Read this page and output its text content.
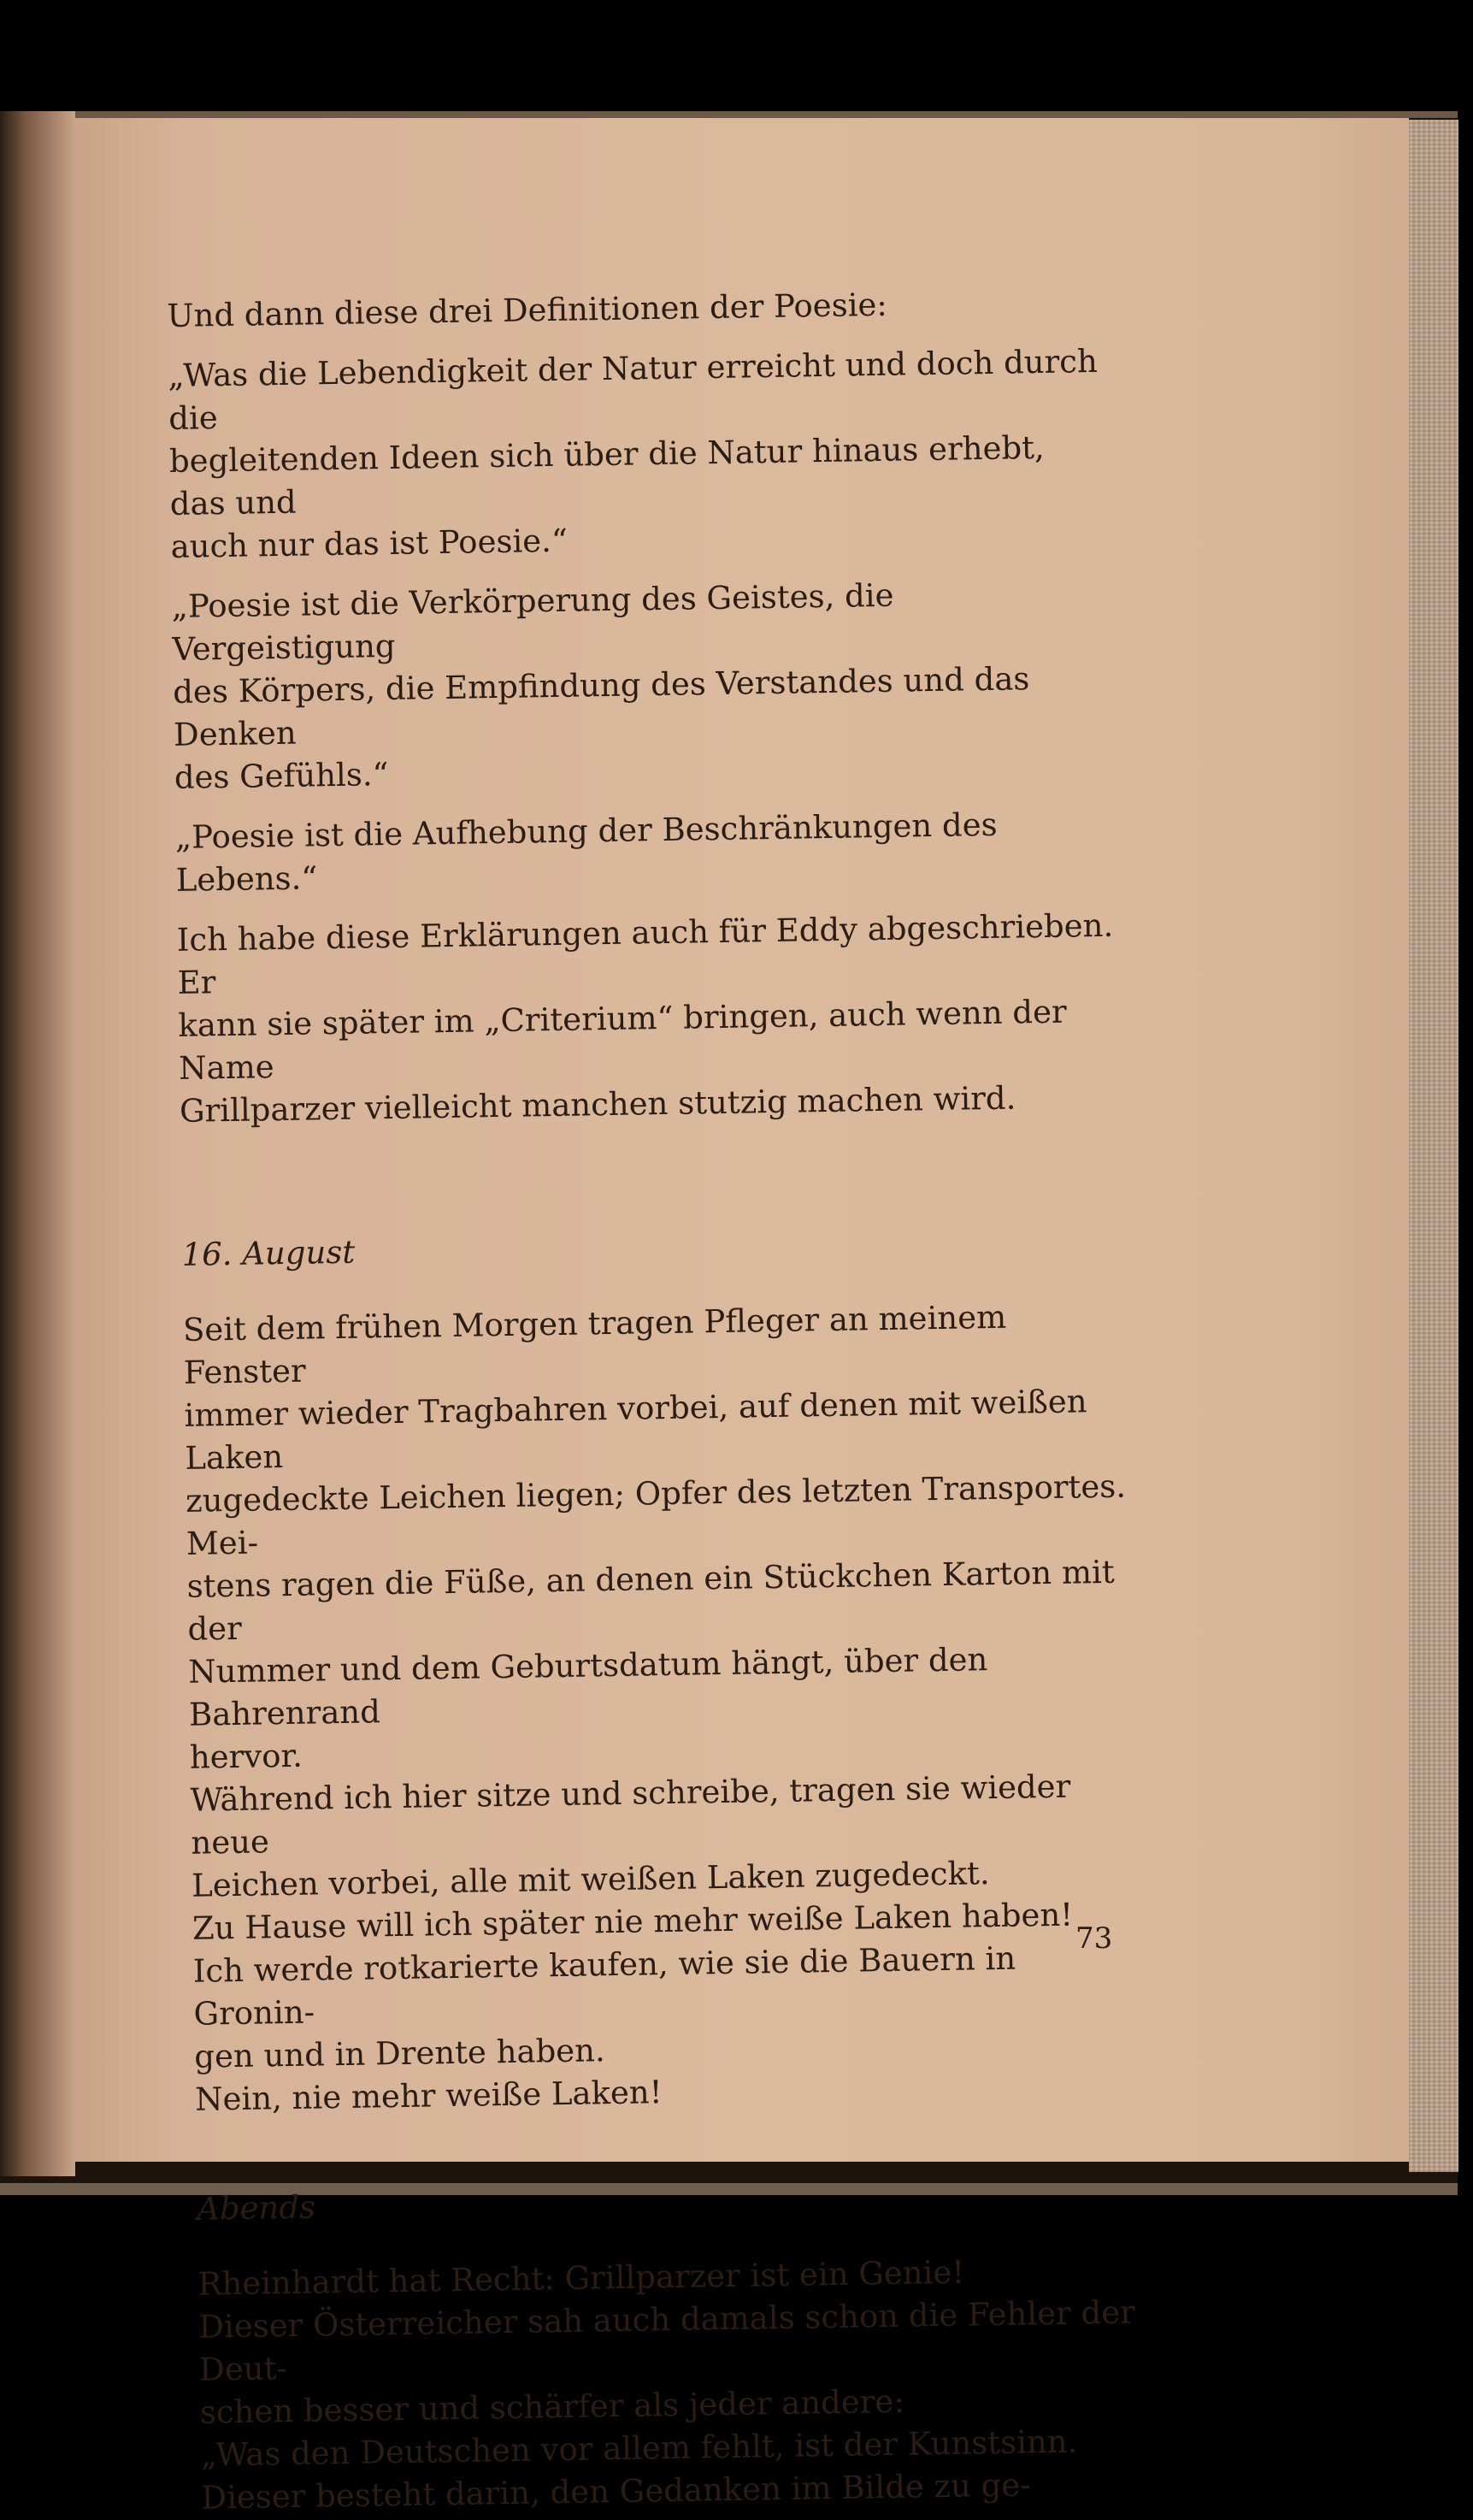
Und dann diese drei Definitionen der Poesie:

„Was die Lebendigkeit der Natur erreicht und doch durch die

begleitenden Ideen sich über die Natur hinaus erhebt, das und

auch nur das ist Poesie.“

„Poesie ist die Verkörperung des Geistes, die Vergeistigung

des Körpers, die Empfindung des Verstandes und das Denken

des Gefühls.“

„Poesie ist die Aufhebung der Beschränkungen des Lebens.“

Ich habe diese Erklärungen auch für Eddy abgeschrieben. Er

kann sie später im „Criterium“ bringen, auch wenn der Name

Grillparzer vielleicht manchen stutzig machen wird.

16. August

Seit dem frühen Morgen tragen Pfleger an meinem Fenster

immer wieder Tragbahren vorbei, auf denen mit weißen Laken

zugedeckte Leichen liegen; Opfer des letzten Transportes. Mei-

stens ragen die Füße, an denen ein Stückchen Karton mit der

Nummer und dem Geburtsdatum hängt, über den Bahrenrand

hervor.

Während ich hier sitze und schreibe, tragen sie wieder neue

Leichen vorbei, alle mit weißen Laken zugedeckt.

Zu Hause will ich später nie mehr weiße Laken haben!

Ich werde rotkarierte kaufen, wie sie die Bauern in Gronin-

gen und in Drente haben.

Nein, nie mehr weiße Laken!

Abends

Rheinhardt hat Recht: Grillparzer ist ein Genie!

Dieser Österreicher sah auch damals schon die Fehler der Deut-

schen besser und schärfer als jeder andere:

„Was den Deutschen vor allem fehlt, ist der Kunstsinn.

Dieser besteht darin, den Gedanken im Bilde zu ge-

73
